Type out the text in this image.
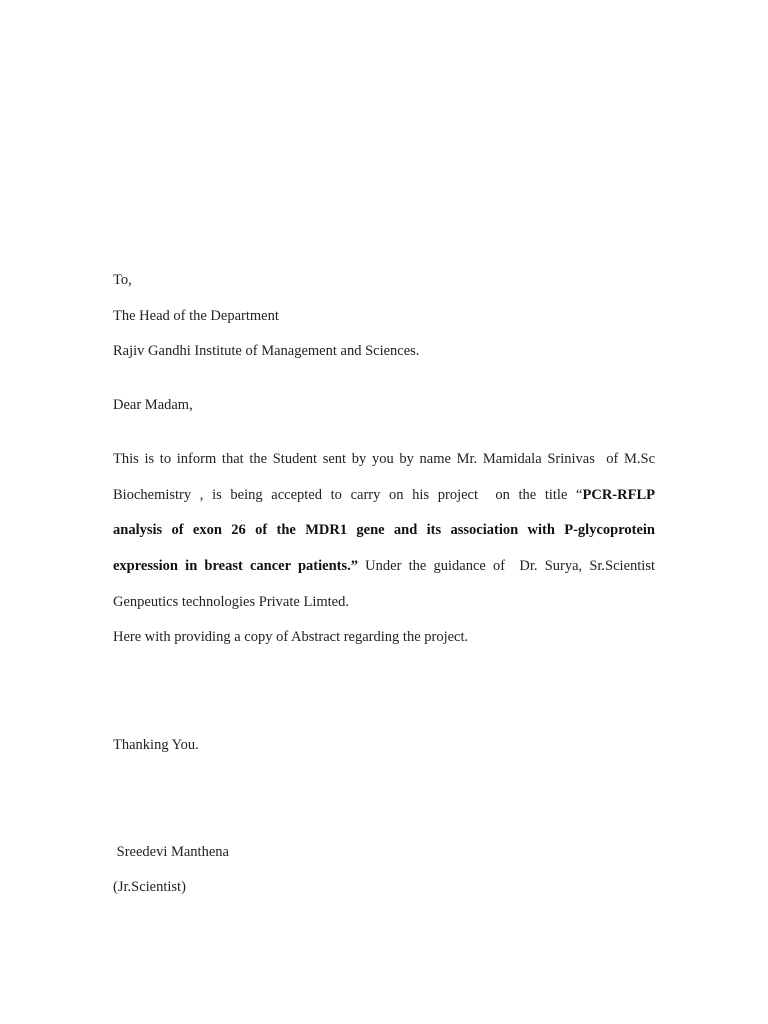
To,
The Head of the Department
Rajiv Gandhi Institute of Management and Sciences.
Dear Madam,
This is to inform that the Student sent by you by name Mr. Mamidala Srinivas  of M.Sc
Biochemistry , is being accepted to carry on his project  on the title “PCR-RFLP
analysis of exon 26 of the MDR1 gene and its association with P-glycoprotein
expression in breast cancer patients.” Under the guidance of  Dr. Surya, Sr.Scientist
Genpeutics technologies Private Limted.
Here with providing a copy of Abstract regarding the project.
Thanking You.
Sreedevi Manthena
(Jr.Scientist)
